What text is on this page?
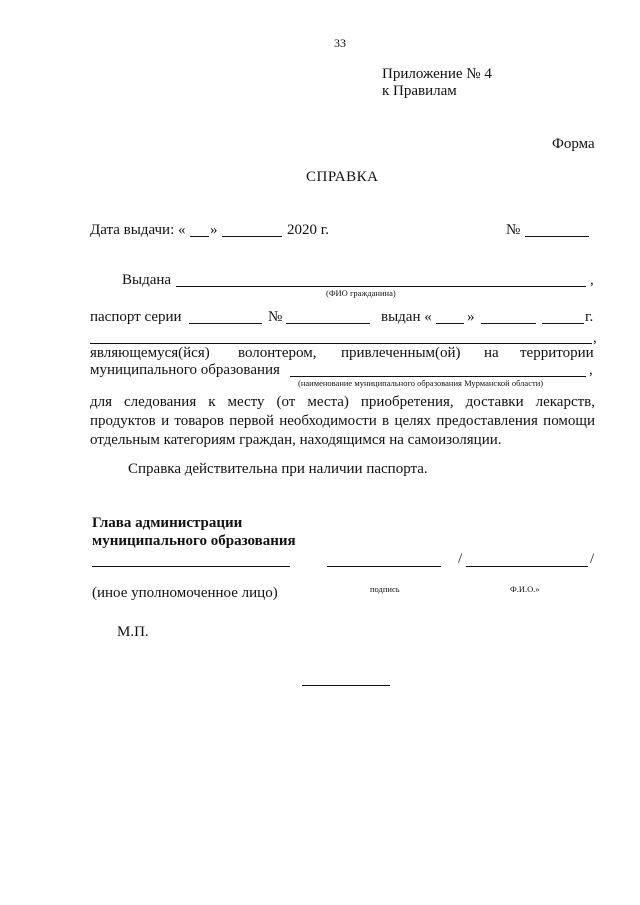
33
Приложение № 4
к Правилам
Форма
СПРАВКА
Дата выдачи: « »	2020 г.	№
Выдана	,
(ФИО гражданина)
паспорт серии	№	выдан « »	г.
,
являющемуся(йся) волонтером, привлеченным(ой) на территории
муниципального образования	,
(наименование муниципального образования Мурманской области)
для следования к месту (от места) приобретения, доставки лекарств, продуктов и товаров первой необходимости в целях предоставления помощи отдельным категориям граждан, находящимся на самоизоляции.
Справка действительна при наличии паспорта.
Глава администрации
муниципального образования
/	/
(иное уполномоченное лицо)	подпись	Ф.И.О.»
М.П.
